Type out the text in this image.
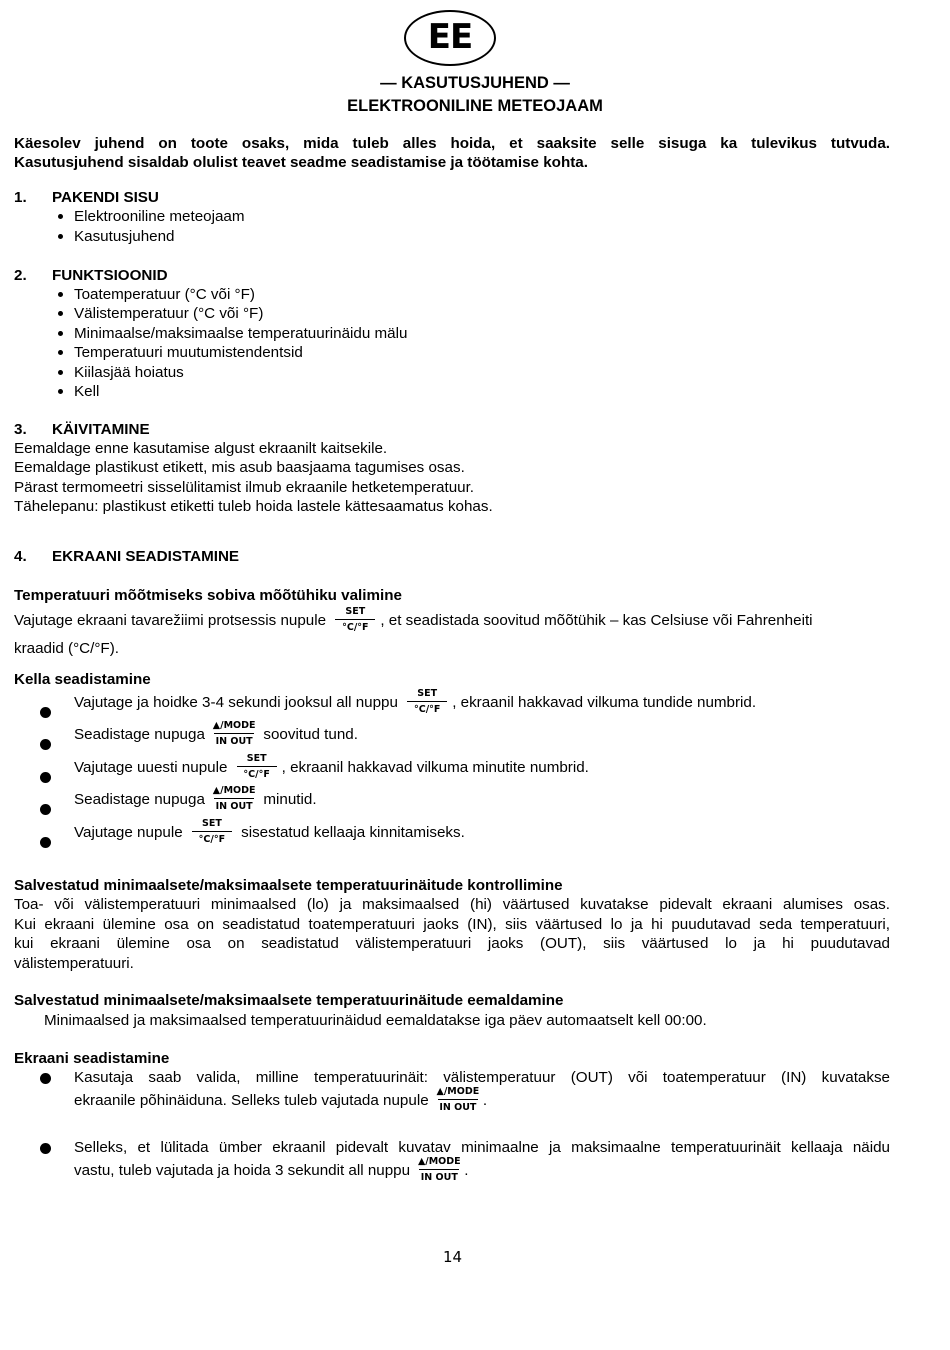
EE
— KASUTUSJUHEND —
ELEKTROONILINE METEOJAAM
Käesolev juhend on toote osaks, mida tuleb alles hoida, et saaksite selle sisuga ka tulevikus tutvuda.
Kasutusjuhend sisaldab olulist teavet seadme seadistamise ja töötamise kohta.
1. PAKENDI SISU
Elektrooniline meteojaam
Kasutusjuhend
2. FUNKTSIOONID
Toatemperatuur (°C või °F)
Välistemperatuur (°C või °F)
Minimaalse/maksimaalse temperatuurinäidu mälu
Temperatuuri muutumistendentsid
Kiilasjää hoiatus
Kell
3. KÄIVITAMINE
Eemaldage enne kasutamise algust ekraanilt kaitsekile.
Eemaldage plastikust etikett, mis asub baasjaama tagumises osas.
Pärast termomeetri sisselülitamist ilmub ekraanile hetketemperatuur.
Tähelepanu: plastikust etiketti tuleb hoida lastele kättesaamatus kohas.
4. EKRAANI SEADISTAMINE
Temperatuuri mõõtmiseks sobiva mõõtühiku valimine
Vajutage ekraani tavarežiimi protsessis nupule
SET
°C/°F , et seadistada soovitud mõõtühik – kas Celsiuse või Fahrenheiti
kraadid (°C/°F).
Kella seadistamine
Vajutage ja hoidke 3-4 sekundi jooksul all nuppu
SET
°C/°F , ekraanil hakkavad vilkuma tundide numbrid.
Seadistage nupuga
▲/MODE
IN OUT soovitud tund.
Vajutage uuesti nupule
SET
°C/°F , ekraanil hakkavad vilkuma minutite numbrid.
Seadistage nupuga
▲/MODE
IN OUT minutid.
Vajutage nupule
SET
°C/°F	sisestatud kellaaja kinnitamiseks.
Salvestatud minimaalsete/maksimaalsete temperatuurinäitude kontrollimine
Toa- või välistemperatuuri minimaalsed (lo) ja maksimaalsed (hi) väärtused kuvatakse pidevalt ekraani alumises osas.
Kui ekraani ülemine osa on seadistatud toatemperatuuri jaoks (IN), siis väärtused lo ja hi puudutavad seda temperatuuri,
kui ekraani ülemine osa on seadistatud välistemperatuuri jaoks (OUT), siis väärtused lo ja hi puudutavad
välistemperatuuri.
Salvestatud minimaalsete/maksimaalsete temperatuurinäitude eemaldamine
Minimaalsed ja maksimaalsed temperatuurinäidud eemaldatakse iga päev automaatselt kell 00:00.
Ekraani seadistamine
Kasutaja saab valida, milline temperatuurinäit: välistemperatuur (OUT) või toatemperatuur (IN) kuvatakse
ekraanile põhinäiduna. Selleks tuleb vajutada nupule
▲/MODE
IN OUT .
Selleks, et lülitada ümber ekraanil pidevalt kuvatav minimaalne ja maksimaalne temperatuurinäit kellaaja näidu
vastu, tuleb vajutada ja hoida 3 sekundit all nuppu
▲/MODE
IN OUT .
14
